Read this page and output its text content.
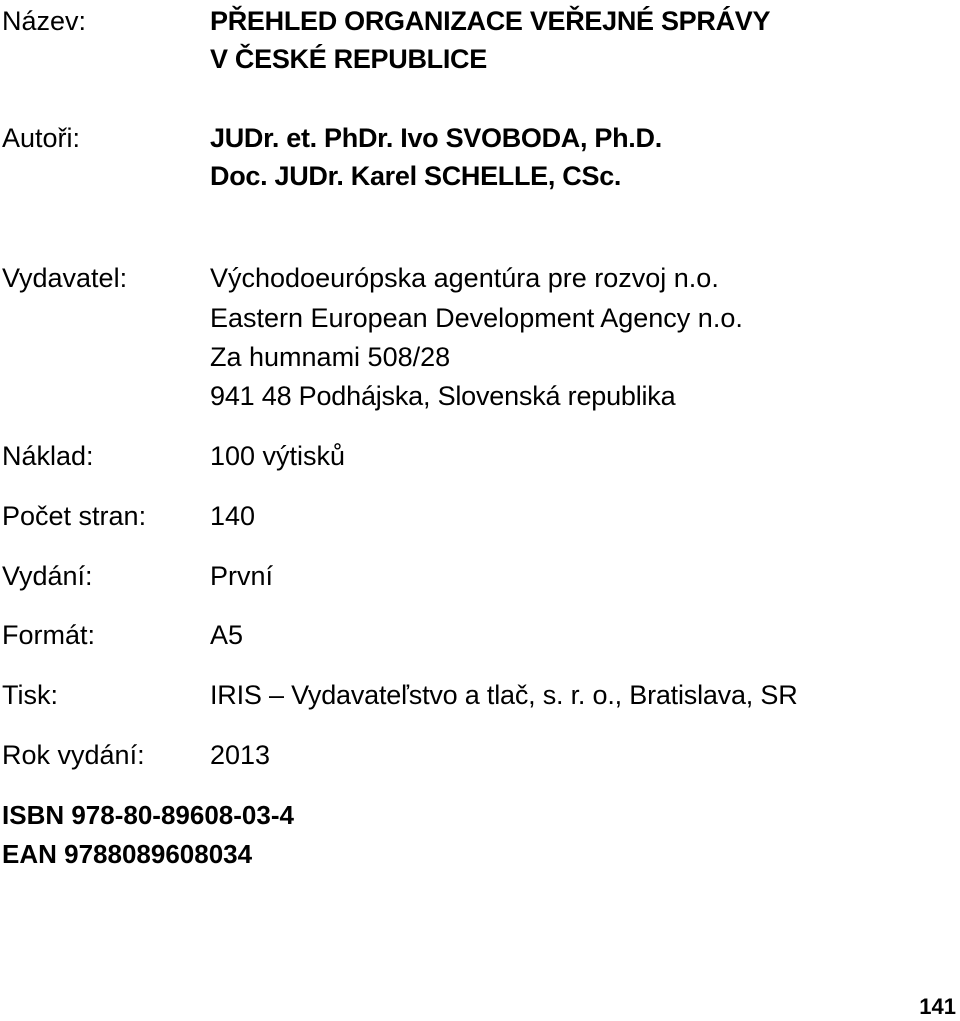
Název:	PŘEHLED ORGANIZACE VEŘEJNÉ SPRÁVY
V ČESKÉ REPUBLICE
Autoři:	JUDr. et. PhDr. Ivo SVOBODA, Ph.D.
Doc. JUDr. Karel SCHELLE, CSc.
Vydavatel:	Východoeurópska agentúra pre rozvoj n.o.
Eastern European Development Agency n.o.
Za humnami 508/28
941 48 Podhájska, Slovenská republika
Náklad:	100 výtisků
Počet stran: 140
Vydání:	První
Formát:	A5
Tisk:	IRIS – Vydavateľstvo a tlač, s. r. o., Bratislava, SR
Rok vydání: 2013
ISBN 978-80-89608-03-4
EAN 9788089608034
141
